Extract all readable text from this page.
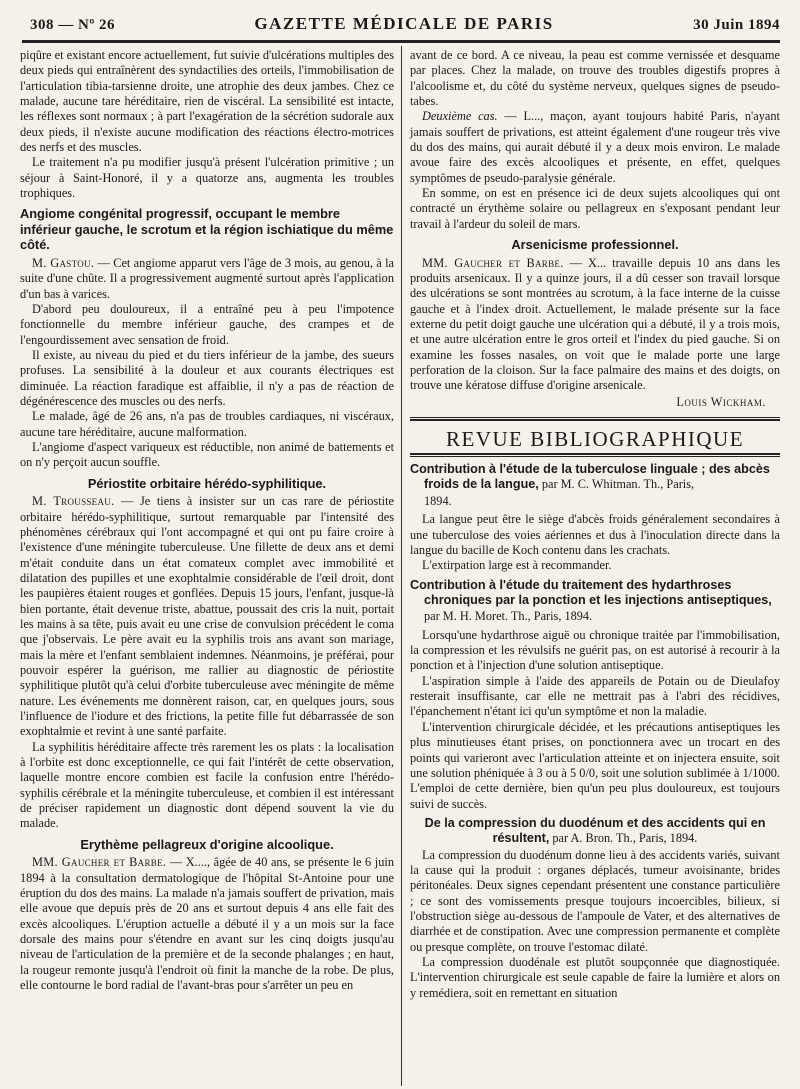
308 — Nº 26	GAZETTE MÉDICALE DE PARIS	30 Juin 1894

piqûre et existant encore actuellement, fut suivie d'ulcérations multiples des deux pieds qui entraînèrent des syndactilies des orteils, l'immobilisation de l'articulation tibia-tarsienne droite, une atrophie des deux jambes. Chez ce malade, aucune tare héréditaire, rien de viscéral. La sensibilité est intacte, les réflexes sont normaux ; à part l'exagération de la sécrétion sudorale aux deux pieds, il n'existe aucune modification des réactions électro-motrices des nerfs et des muscles.

Le traitement n'a pu modifier jusqu'à présent l'ulcération primitive ; un séjour à Saint-Honoré, il y a quatorze ans, augmenta les troubles trophiques.

Angiome congénital progressif, occupant le membre inférieur gauche, le scrotum et la région ischiatique du même côté.

M. Gastou. — Cet angiome apparut vers l'âge de 3 mois, au genou, à la suite d'une chûte. Il a progressivement augmenté surtout après l'application d'un bas à varices.

D'abord peu douloureux, il a entraîné peu à peu l'impotence fonctionnelle du membre inférieur gauche, des crampes et de l'engourdissement avec sensation de froid.

Il existe, au niveau du pied et du tiers inférieur de la jambe, des sueurs profuses. La sensibilité à la douleur et aux courants électriques est diminuée. La réaction faradique est affaiblie, il n'y a pas de réaction de dégénérescence des muscles ou des nerfs.

Le malade, âgé de 26 ans, n'a pas de troubles cardiaques, ni viscéraux, aucune tare héréditaire, aucune malformation.

L'angiome d'aspect variqueux est réductible, non animé de battements et on n'y perçoit aucun souffle.

Périostite orbitaire hérédo-syphilitique.

M. Trousseau. — Je tiens à insister sur un cas rare de périostite orbitaire hérédo-syphilitique, surtout remarquable par l'intensité des phénomènes cérébraux qui l'ont accompagné et qui ont pu faire croire à l'existence d'une méningite tuberculeuse. Une fillette de deux ans et demi m'était conduite dans un état comateux complet avec immobilité et dilatation des pupilles et une exophtalmie considérable de l'œil droit, dont les paupières étaient rouges et gonflées. Depuis 15 jours, l'enfant, jusque-là bien portante, était devenue triste, abattue, poussait des cris la nuit, portait les mains à sa tête, puis avait eu une crise de convulsion précédent le coma que j'observais. Le père avait eu la syphilis trois ans avant son mariage, mais la mère et l'enfant semblaient indemnes. Néanmoins, je préférai, pour pouvoir espérer la guérison, me rallier au diagnostic de périostite syphilitique plutôt qu'à celui d'orbite tuberculeuse avec méningite de même nature. Les événements me donnèrent raison, car, en quelques jours, sous l'influence de l'iodure et des frictions, la petite fille fut débarrassée de son exophtalmie et revint à une santé parfaite.

La syphilitis héréditaire affecte très rarement les os plats : la localisation à l'orbite est donc exceptionnelle, ce qui fait l'intérêt de cette observation, laquelle montre encore combien est facile la confusion entre l'hérédo-syphilis cérébrale et la méningite tuberculeuse, et combien il est intéressant de préciser rapidement un diagnostic dont dépend souvent la vie du malade.

Erythème pellagreux d'origine alcoolique.

MM. Gaucher et Barbe. — X...., âgée de 40 ans, se présente le 6 juin 1894 à la consultation dermatologique de l'hôpital St-Antoine pour une éruption du dos des mains. La malade n'a jamais souffert de privation, mais elle avoue que depuis près de 20 ans et surtout depuis 4 ans elle fait des excès alcooliques. L'éruption actuelle a débuté il y a un mois sur la face dorsale des mains pour s'étendre en avant sur les cinq doigts jusqu'au niveau de l'articulation de la première et de la seconde phalanges ; en haut, la rougeur remonte jusqu'à l'endroit où finit la manche de la robe. De plus, elle contourne le bord radial de l'avant-bras pour s'arrêter un peu en

avant de ce bord. A ce niveau, la peau est comme vernissée et desquame par places. Chez la malade, on trouve des troubles digestifs propres à l'alcoolisme et, du côté du système nerveux, quelques signes de pseudo-tabes.

Deuxième cas. — L..., maçon, ayant toujours habité Paris, n'ayant jamais souffert de privations, est atteint également d'une rougeur très vive du dos des mains, qui aurait débuté il y a deux mois environ. Le malade avoue faire des excès alcooliques et présente, en effet, quelques symptômes de pseudo-paralysie générale.

En somme, on est en présence ici de deux sujets alcooliques qui ont contracté un érythème solaire ou pellagreux en s'exposant pendant leur travail à l'ardeur du soleil de mars.

Arsenicisme professionnel.

MM. Gaucher et Barbe. — X... travaille depuis 10 ans dans les produits arsenicaux. Il y a quinze jours, il a dû cesser son travail lorsque des ulcérations se sont montrées au scrotum, à la face interne de la cuisse gauche et à l'index droit. Actuellement, le malade présente sur la face externe du petit doigt gauche une ulcération qui a débuté, il y a trois mois, et une autre ulcération entre le gros orteil et l'index du pied gauche. Si on examine les fosses nasales, on voit que le malade porte une large perforation de la cloison. Sur la face palmaire des mains et des doigts, on trouve une kératose diffuse d'origine arsenicale.

Louis Wickham.
REVUE BIBLIOGRAPHIQUE
Contribution à l'étude de la tuberculose linguale ; des abcès froids de la langue, par M. C. Whitman. Th., Paris,
1894.

La langue peut être le siège d'abcès froids généralement secondaires à une tuberculose des voies aériennes et dus à l'inoculation directe dans la langue du bacille de Koch contenu dans les crachats.

L'extirpation large est à recommander.

Contribution à l'étude du traitement des hydarthroses chroniques par la ponction et les injections antiseptiques,
par M. H. Moret. Th., Paris, 1894.

Lorsqu'une hydarthrose aiguë ou chronique traitée par l'immobilisation, la compression et les révulsifs ne guérit pas, on est autorisé à recourir à la ponction et à l'injection d'une solution antiseptique.

L'aspiration simple à l'aide des appareils de Potain ou de Dieulafoy resterait insuffisante, car elle ne mettrait pas à l'abri des récidives, l'épanchement n'étant ici qu'un symptôme et non la maladie.

L'intervention chirurgicale décidée, et les précautions antiseptiques les plus minutieuses étant prises, on ponctionnera avec un trocart en des points qui varieront avec l'articulation atteinte et on injectera ensuite, soit une solution phéniquée à 3 ou à 5 0/0, soit une solution sublimée à 1/1000. L'emploi de cette dernière, bien qu'un peu plus douloureux, est toujours suivi de succès.

De la compression du duodénum et des accidents qui en résultent, par A. Bron. Th., Paris, 1894.

La compression du duodénum donne lieu à des accidents variés, suivant la cause qui la produit : organes déplacés, tumeur avoisinante, brides péritonéales. Deux signes cependant présentent une constance particulière ; ce sont des vomissements presque toujours incoercibles, bilieux, si l'obstruction siège au-dessous de l'ampoule de Vater, et des alternatives de diarrhée et de constipation. Avec une compression permanente et complète ou presque complète, on trouve l'estomac dilaté.

La compression duodénale est plutôt soupçonnée que diagnostiquée. L'intervention chirurgicale est seule capable de faire la lumière et alors on y remédiera, soit en remettant en situation
